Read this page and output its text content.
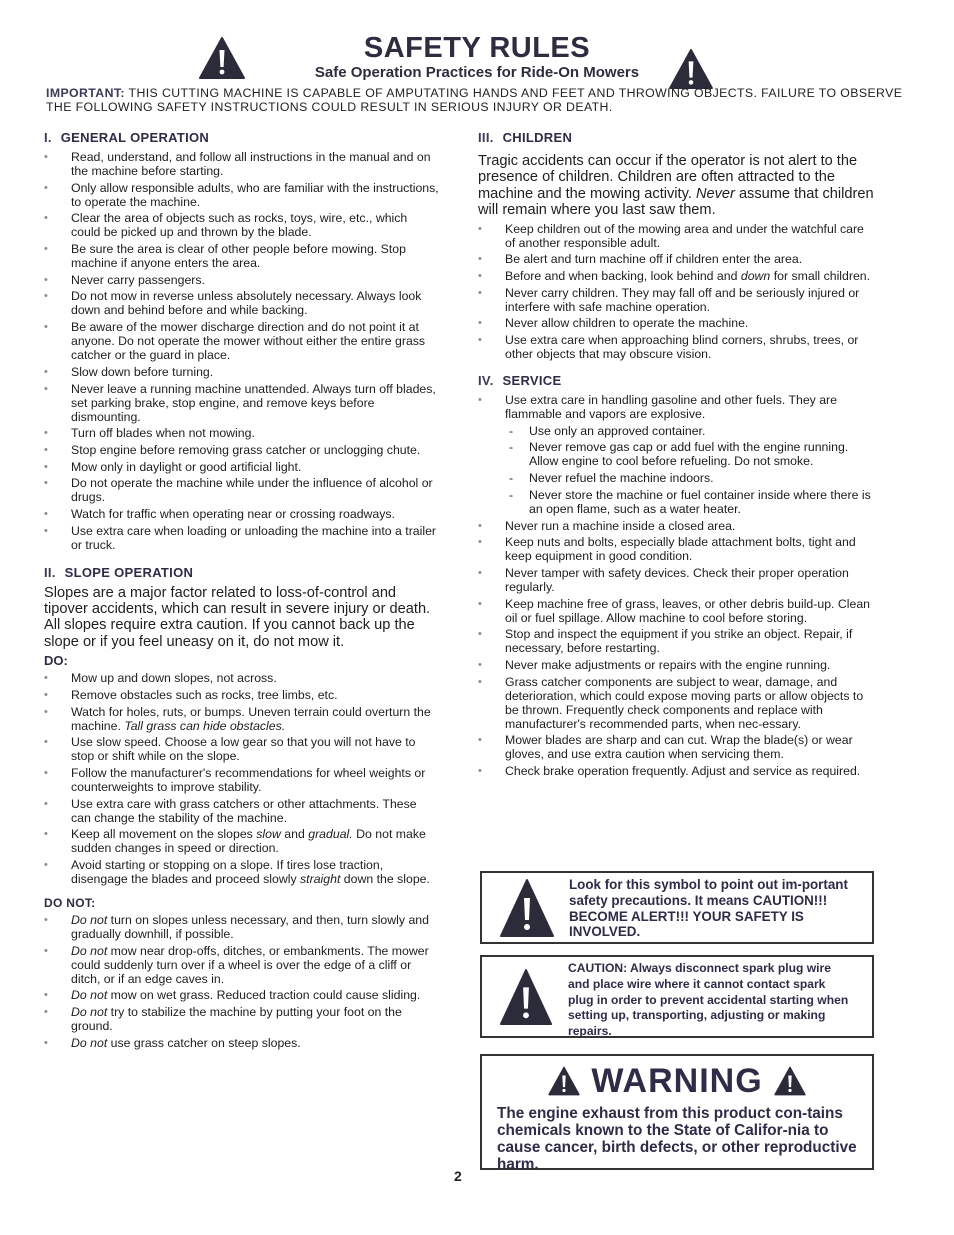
SAFETY RULES
Safe Operation Practices for Ride-On Mowers
IMPORTANT: THIS CUTTING MACHINE IS CAPABLE OF AMPUTATING HANDS AND FEET AND THROWING OBJECTS. FAILURE TO OBSERVE THE FOLLOWING SAFETY INSTRUCTIONS COULD RESULT IN SERIOUS INJURY OR DEATH.
I. GENERAL OPERATION
• Read, understand, and follow all instructions in the manual and on the machine before starting.
• Only allow responsible adults, who are familiar with the instructions, to operate the machine.
• Clear the area of objects such as rocks, toys, wire, etc., which could be picked up and thrown by the blade.
• Be sure the area is clear of other people before mowing. Stop machine if anyone enters the area.
• Never carry passengers.
• Do not mow in reverse unless absolutely necessary. Always look down and behind before and while backing.
• Be aware of the mower discharge direction and do not point it at anyone. Do not operate the mower without either the entire grass catcher or the guard in place.
• Slow down before turning.
• Never leave a running machine unattended. Always turn off blades, set parking brake, stop engine, and remove keys before dismounting.
• Turn off blades when not mowing.
• Stop engine before removing grass catcher or unclogging chute.
• Mow only in daylight or good artificial light.
• Do not operate the machine while under the influence of alcohol or drugs.
• Watch for traffic when operating near or crossing roadways.
• Use extra care when loading or unloading the machine into a trailer or truck.
II. SLOPE OPERATION

Slopes are a major factor related to loss-of-control and tipover accidents, which can result in severe injury or death. All slopes require extra caution. If you cannot back up the slope or if you feel uneasy on it, do not mow it.

DO:
• Mow up and down slopes, not across.
• Remove obstacles such as rocks, tree limbs, etc.
• Watch for holes, ruts, or bumps. Uneven terrain could overturn the machine. Tall grass can hide obstacles.
• Use slow speed. Choose a low gear so that you will not have to stop or shift while on the slope.
• Follow the manufacturer's recommendations for wheel weights or counterweights to improve stability.
• Use extra care with grass catchers or other attachments. These can change the stability of the machine.
• Keep all movement on the slopes slow and gradual. Do not make sudden changes in speed or direction.
• Avoid starting or stopping on a slope. If tires lose traction, disengage the blades and proceed slowly straight down the slope.
DO NOT:
• Do not turn on slopes unless necessary, and then, turn slowly and gradually downhill, if possible.
• Do not mow near drop-offs, ditches, or embankments. The mower could suddenly turn over if a wheel is over the edge of a cliff or ditch, or if an edge caves in.
• Do not mow on wet grass. Reduced traction could cause sliding.
• Do not try to stabilize the machine by putting your foot on the ground.
• Do not use grass catcher on steep slopes.
III. CHILDREN

Tragic accidents can occur if the operator is not alert to the presence of children. Children are often attracted to the machine and the mowing activity. Never assume that children will remain where you last saw them.

• Keep children out of the mowing area and under the watchful care of another responsible adult.
• Be alert and turn machine off if children enter the area.
• Before and when backing, look behind and down for small children.
• Never carry children. They may fall off and be seriously injured or interfere with safe machine operation.
• Never allow children to operate the machine.
• Use extra care when approaching blind corners, shrubs, trees, or other objects that may obscure vision.
IV. SERVICE
• Use extra care in handling gasoline and other fuels. They are flammable and vapors are explosive.
- Use only an approved container.
- Never remove gas cap or add fuel with the engine running. Allow engine to cool before refueling. Do not smoke.
- Never refuel the machine indoors.
- Never store the machine or fuel container inside where there is an open flame, such as a water heater.
• Never run a machine inside a closed area.
• Keep nuts and bolts, especially blade attachment bolts, tight and keep equipment in good condition.
• Never tamper with safety devices. Check their proper operation regularly.
• Keep machine free of grass, leaves, or other debris build-up. Clean oil or fuel spillage. Allow machine to cool before storing.
• Stop and inspect the equipment if you strike an object. Repair, if necessary, before restarting.
• Never make adjustments or repairs with the engine running.
• Grass catcher components are subject to wear, damage, and deterioration, which could expose moving parts or allow objects to be thrown. Frequently check components and replace with manufacturer's recommended parts, when nec-essary.
• Mower blades are sharp and can cut. Wrap the blade(s) or wear gloves, and use extra caution when servicing them.
• Check brake operation frequently. Adjust and service as required.
Look for this symbol to point out im-portant safety precautions. It means CAUTION!!! BECOME ALERT!!! YOUR SAFETY IS INVOLVED.
CAUTION: Always disconnect spark plug wire and place wire where it cannot contact spark plug in order to prevent accidental starting when setting up, transporting, adjusting or making repairs.
WARNING
The engine exhaust from this product con-tains chemicals known to the State of Califor-nia to cause cancer, birth defects, or other reproductive harm.
2
